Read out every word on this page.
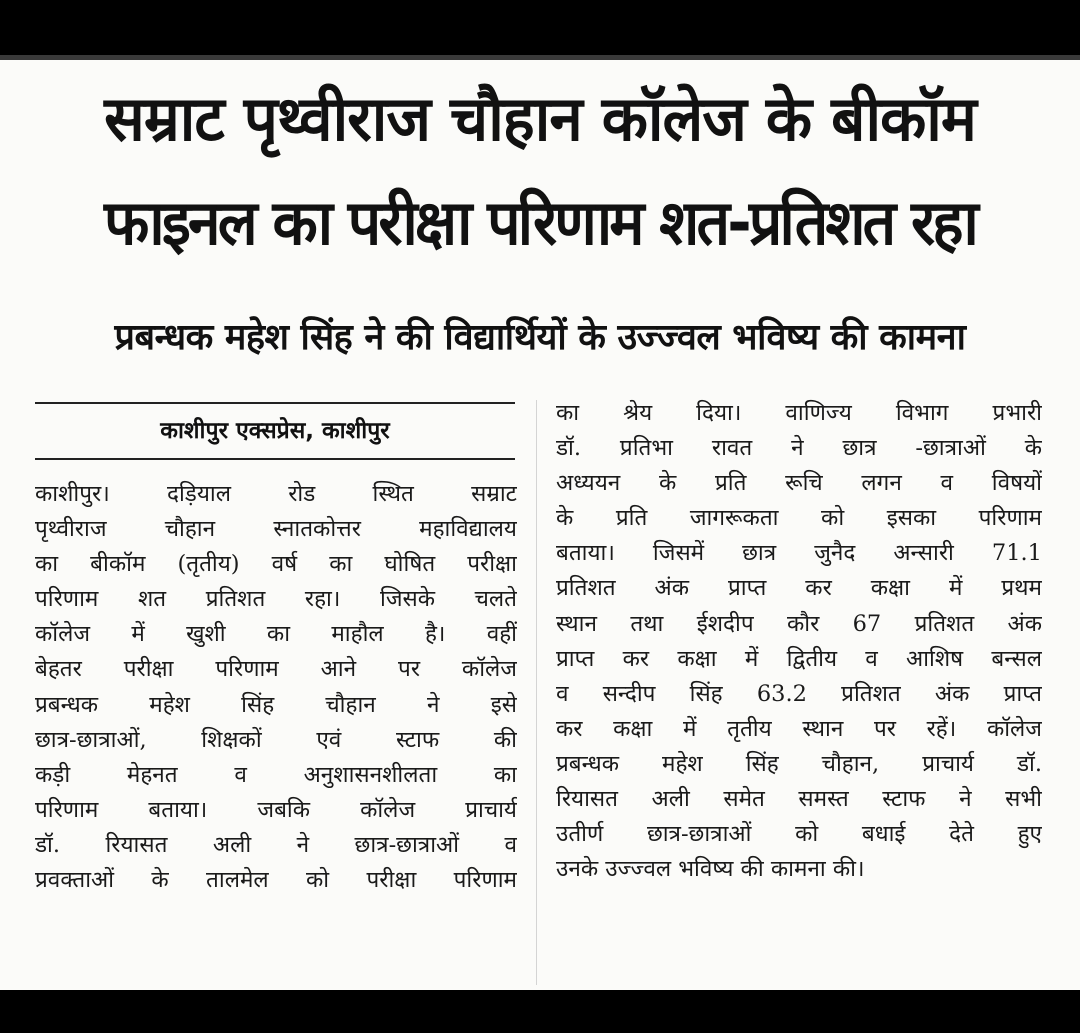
सम्राट पृथ्वीराज चौहान कॉलेज के बीकॉम
फाइनल का परीक्षा परिणाम शत-प्रतिशत रहा
प्रबन्धक महेश सिंह ने की विद्यार्थियों के उज्ज्वल भविष्य की कामना
काशीपुर एक्सप्रेस, काशीपुर
काशीपुर। दड़ियाल रोड स्थित सम्राट
पृथ्वीराज चौहान स्नातकोत्तर महाविद्यालय
का बीकॉम (तृतीय) वर्ष का घोषित परीक्षा
परिणाम शत प्रतिशत रहा। जिसके चलते
कॉलेज में खुशी का माहौल है। वहीं
बेहतर परीक्षा परिणाम आने पर कॉलेज
प्रबन्धक महेश सिंह चौहान ने इसे
छात्र-छात्राओं, शिक्षकों एवं स्टाफ की
कड़ी मेहनत व अनुशासनशीलता का
परिणाम बताया। जबकि कॉलेज प्राचार्य
डॉ. रियासत अली ने छात्र-छात्राओं व
प्रवक्ताओं के तालमेल को परीक्षा परिणाम
का श्रेय दिया। वाणिज्य विभाग प्रभारी
डॉ. प्रतिभा रावत ने छात्र -छात्राओं के
अध्ययन के प्रति रूचि लगन व विषयों
के प्रति जागरूकता को इसका परिणाम
बताया। जिसमें छात्र जुनैद अन्सारी 71.1
प्रतिशत अंक प्राप्त कर कक्षा में प्रथम
स्थान तथा ईशदीप कौर 67 प्रतिशत अंक
प्राप्त कर कक्षा में द्वितीय व आशिष बन्सल
व सन्दीप सिंह 63.2 प्रतिशत अंक प्राप्त
कर कक्षा में तृतीय स्थान पर रहें। कॉलेज
प्रबन्धक महेश सिंह चौहान, प्राचार्य डॉ.
रियासत अली समेत समस्त स्टाफ ने सभी
उतीर्ण छात्र-छात्राओं को बधाई देते हुए
उनके उज्ज्वल भविष्य की कामना की।
